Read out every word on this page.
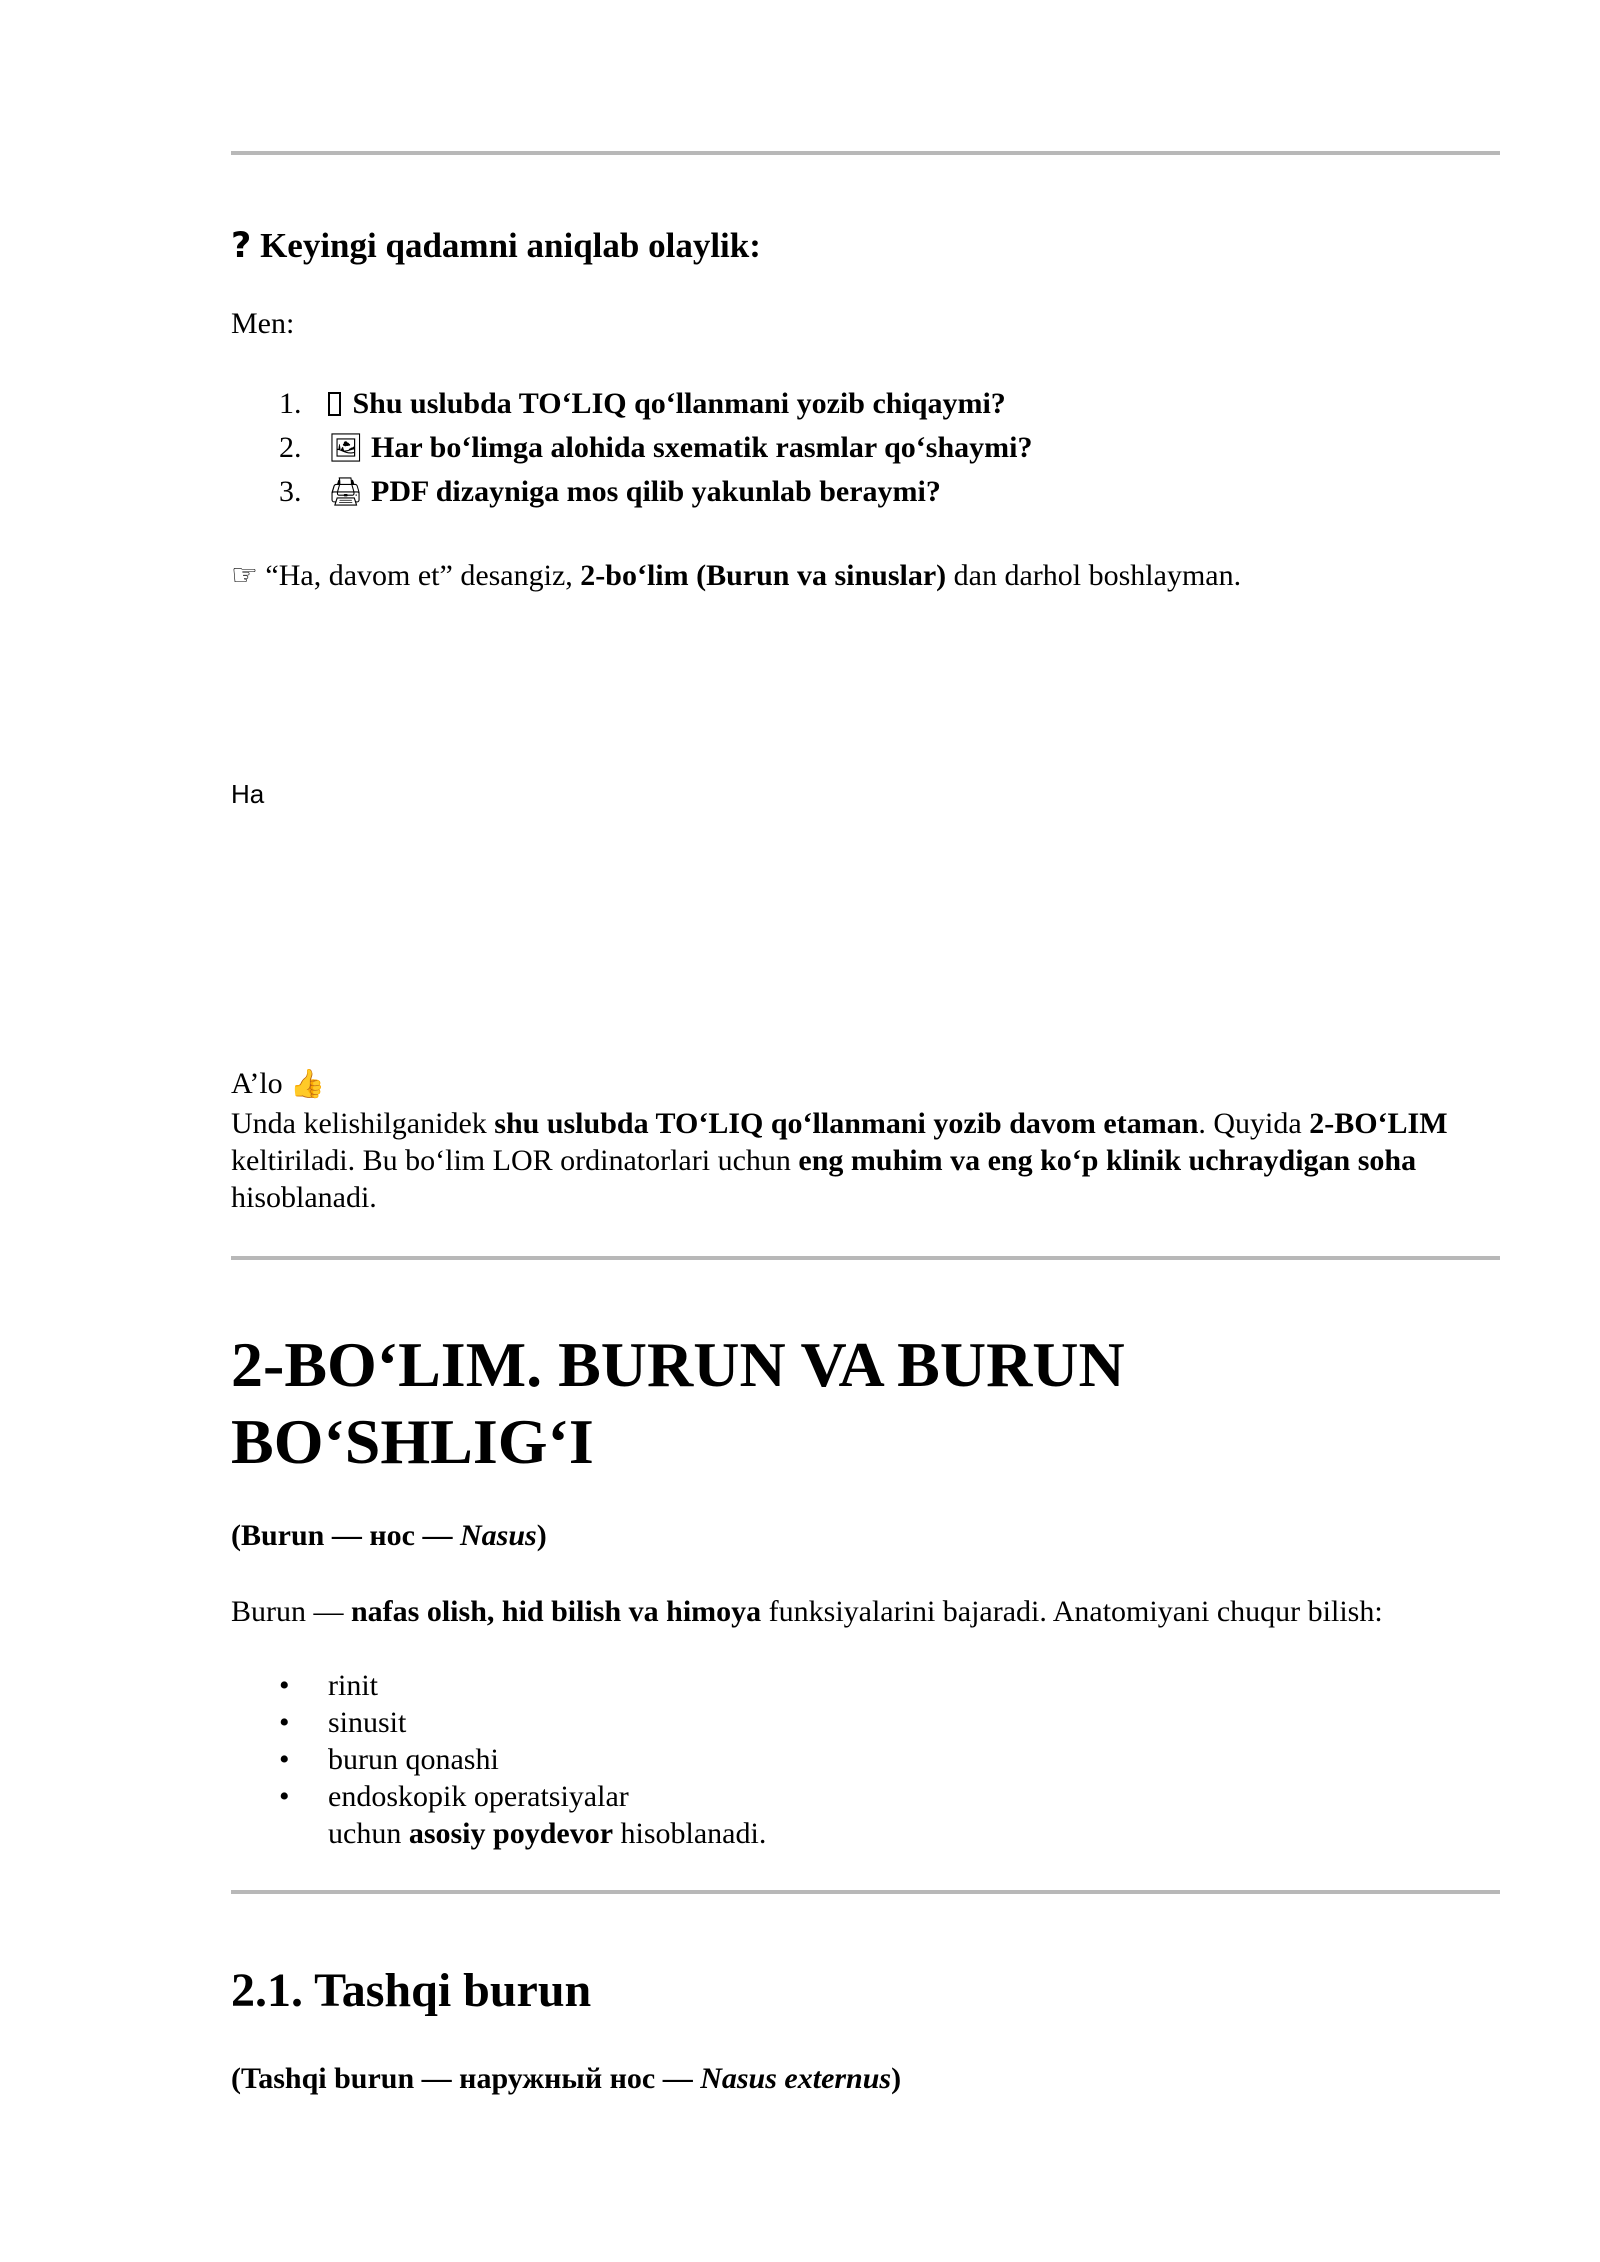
? Keyingi qadamni aniqlab olaylik:
Men:
1. Shu uslubda TO‘LIQ qo‘llanmani yozib chiqaymi?
2. 🖼 Har bo‘limga alohida sxematik rasmlar qo‘shaymi?
3. 🖨 PDF dizayniga mos qilib yakunlab beraymi?
☞ “Ha, davom et” desangiz, 2-bo‘lim (Burun va sinuslar) dan darhol boshlayman.
Ha
A’lo 👍
Unda kelishilganidek shu uslubda TO‘LIQ qo‘llanmani yozib davom etaman. Quyida 2-BO‘LIM keltiriladi. Bu bo‘lim LOR ordinatorlari uchun eng muhim va eng ko‘p klinik uchraydigan soha hisoblanadi.
2-BO‘LIM. BURUN VA BURUN
BO‘SHLIG‘I
(Burun — нос — Nasus)
Burun — nafas olish, hid bilish va himoya funksiyalarini bajaradi. Anatomiyani chuqur bilish:
• rinit
• sinusit
• burun qonashi
• endoskopik operatsiyalar
uchun asosiy poydevor hisoblanadi.
2.1. Tashqi burun
(Tashqi burun — наружный нос — Nasus externus)
